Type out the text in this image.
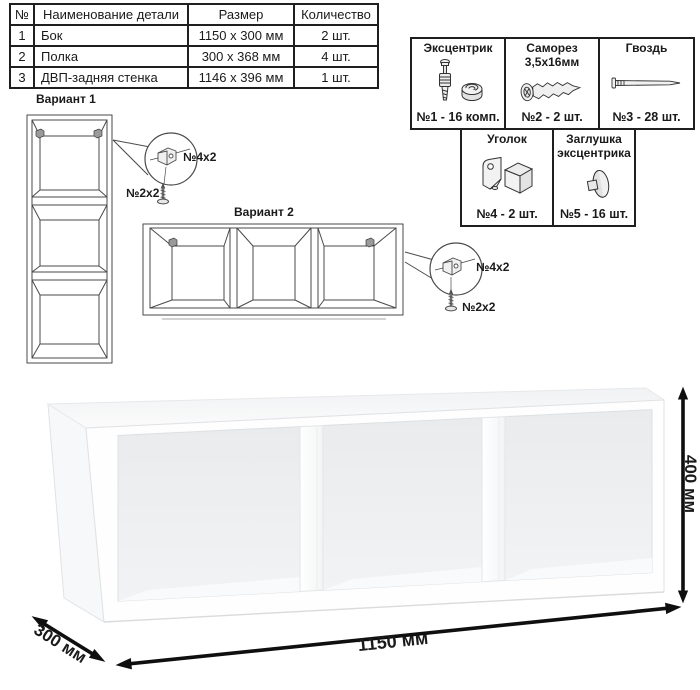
№	Наименование детали	Размер	Количество
1	Бок	1150 х 300 мм	2 шт.
2	Полка	300 х 368 мм	4 шт.
3	ДВП-задняя стенка	1146 х 396 мм	1 шт.
Эксцентрик
№1 - 16 комп.
Саморез
3,5х16мм
№2 - 2 шт.
Гвоздь
№3 - 28 шт.
Уголок
№4 - 2 шт.
Заглушка
эксцентрика
№5 - 16 шт.
Вариант 1
Вариант 2
№4х2
№2х2
№4х2
№2х2
400 мм
1150 мм
300 мм
